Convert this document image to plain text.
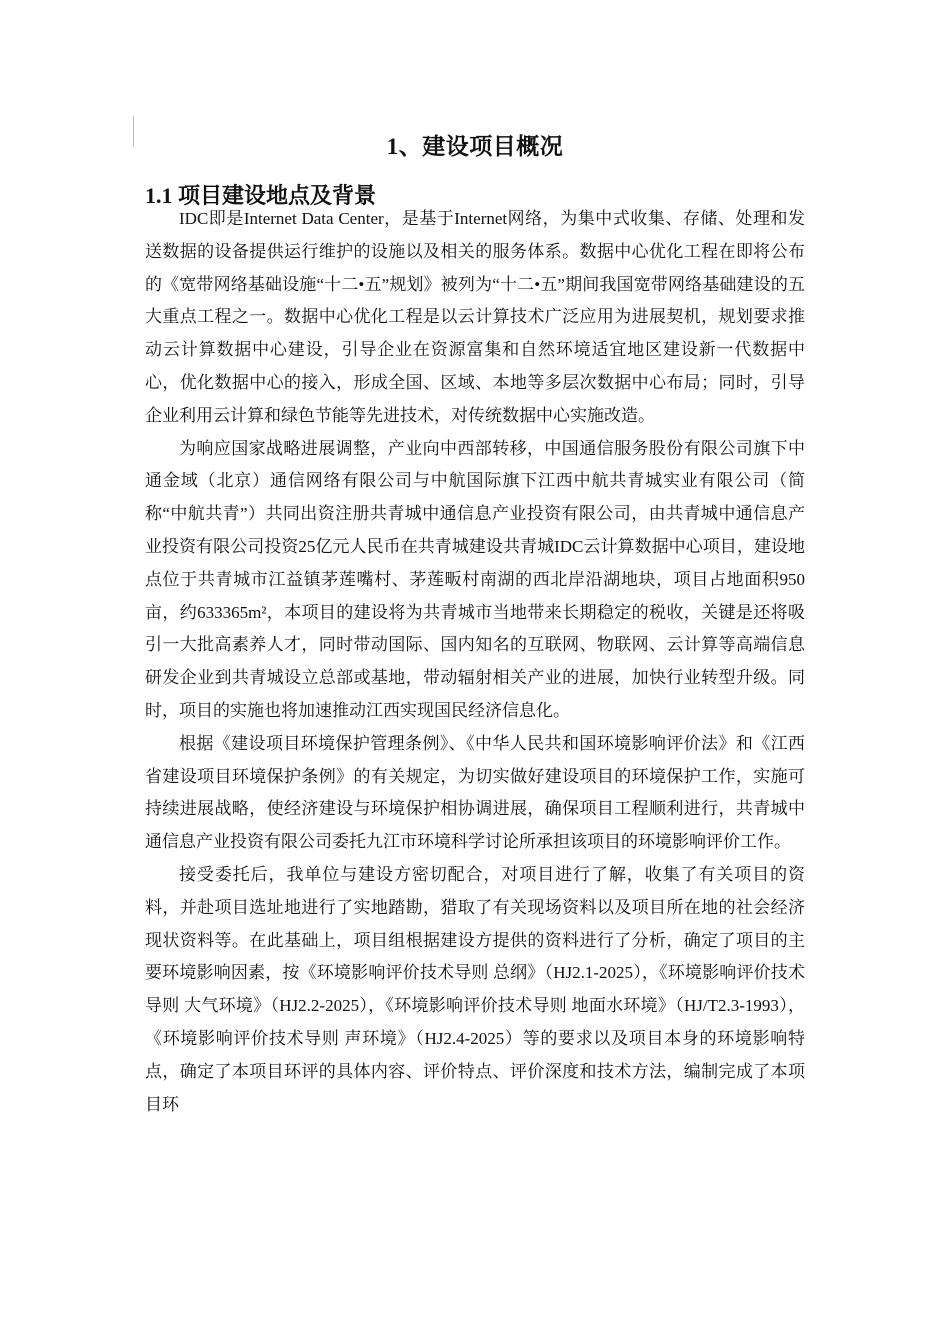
1、建设项目概况
1.1 项目建设地点及背景

IDC即是Internet Data Center，是基于Internet网络，为集中式收集、存储、处理和发送数据的设备提供运行维护的设施以及相关的服务体系。数据中心优化工程在即将公布的《宽带网络基础设施“十二•五”规划》被列为“十二•五”期间我国宽带网络基础建设的五大重点工程之一。数据中心优化工程是以云计算技术广泛应用为进展契机，规划要求推动云计算数据中心建设，引导企业在资源富集和自然环境适宜地区建设新一代数据中心，优化数据中心的接入，形成全国、区域、本地等多层次数据中心布局；同时，引导企业利用云计算和绿色节能等先进技术，对传统数据中心实施改造。

为响应国家战略进展调整，产业向中西部转移，中国通信服务股份有限公司旗下中通金域（北京）通信网络有限公司与中航国际旗下江西中航共青城实业有限公司（简称“中航共青”）共同出资注册共青城中通信息产业投资有限公司，由共青城中通信息产业投资有限公司投资25亿元人民币在共青城建设共青城IDC云计算数据中心项目，建设地点位于共青城市江益镇茅莲嘴村、茅莲畈村南湖的西北岸沿湖地块，项目占地面积950亩，约633365m²，本项目的建设将为共青城市当地带来长期稳定的税收，关键是还将吸引一大批高素养人才，同时带动国际、国内知名的互联网、物联网、云计算等高端信息研发企业到共青城设立总部或基地，带动辐射相关产业的进展，加快行业转型升级。同时，项目的实施也将加速推动江西实现国民经济信息化。

根据《建设项目环境保护管理条例》、《中华人民共和国环境影响评价法》和《江西省建设项目环境保护条例》的有关规定，为切实做好建设项目的环境保护工作，实施可持续进展战略，使经济建设与环境保护相协调进展，确保项目工程顺利进行，共青城中通信息产业投资有限公司委托九江市环境科学讨论所承担该项目的环境影响评价工作。

接受委托后，我单位与建设方密切配合，对项目进行了解，收集了有关项目的资料，并赴项目选址地进行了实地踏勘，猎取了有关现场资料以及项目所在地的社会经济现状资料等。在此基础上，项目组根据建设方提供的资料进行了分析，确定了项目的主要环境影响因素，按《环境影响评价技术导则 总纲》（HJ2.1-2025），《环境影响评价技术导则 大气环境》（HJ2.2-2025），《环境影响评价技术导则 地面水环境》（HJ/T2.3-1993），《环境影响评价技术导则 声环境》（HJ2.4-2025）等的要求以及项目本身的环境影响特点，确定了本项目环评的具体内容、评价特点、评价深度和技术方法，编制完成了本项目环
